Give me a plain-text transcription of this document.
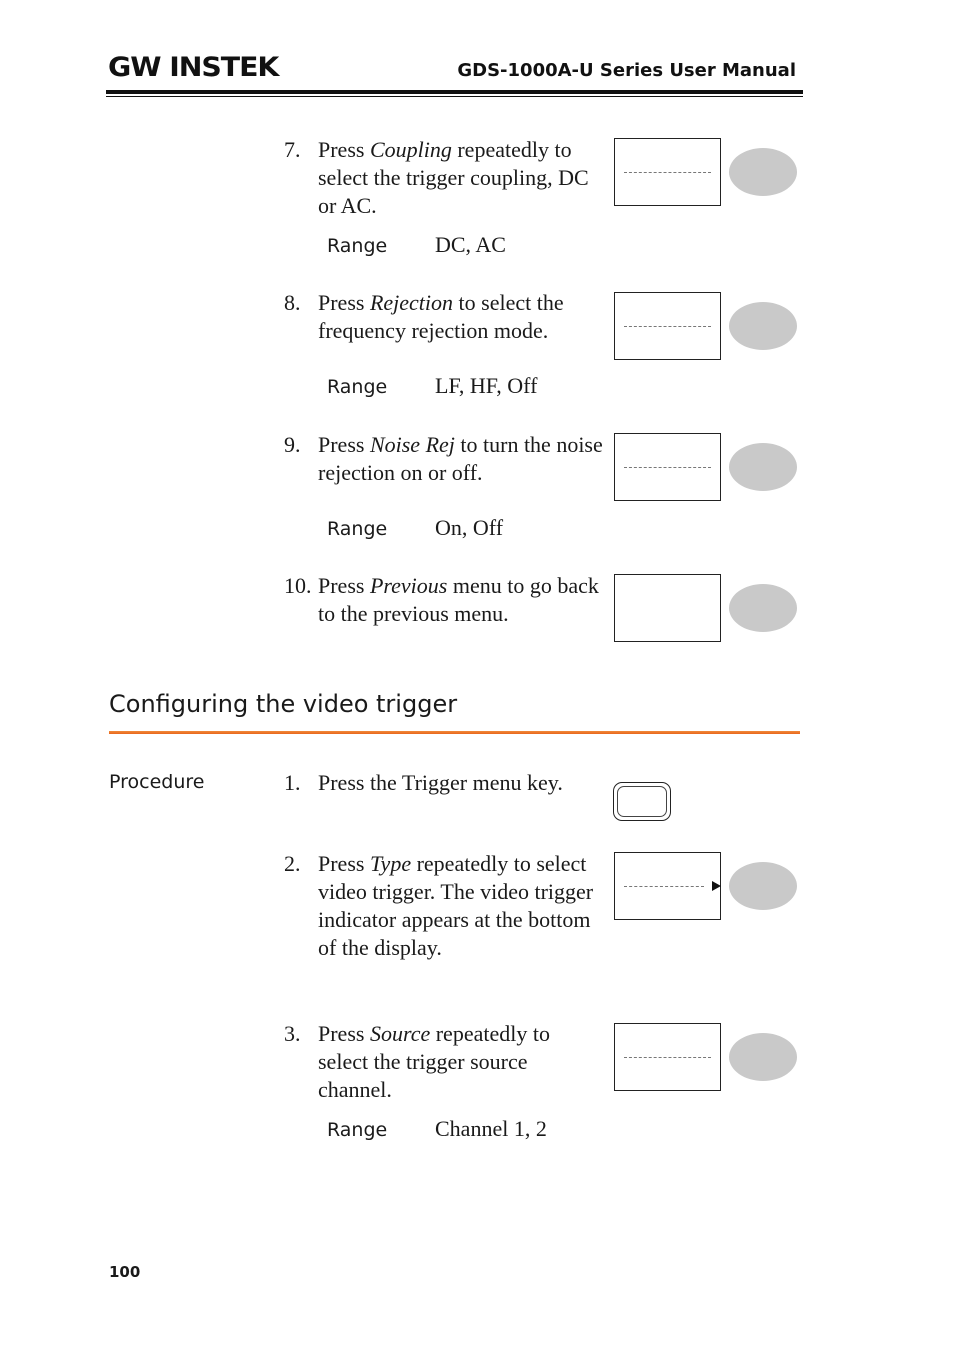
GW INSTEK	GDS-1000A-U Series User Manual
7. Press Coupling repeatedly to select the trigger coupling, DC or AC.
Range DC, AC
8. Press Rejection to select the frequency rejection mode.
Range LF, HF, Off
9. Press Noise Rej to turn the noise rejection on or off.
Range On, Off
10. Press Previous menu to go back to the previous menu.
Configuring the video trigger
Procedure	1. Press the Trigger menu key.
2. Press Type repeatedly to select video trigger. The video trigger indicator appears at the bottom of the display.
3. Press Source repeatedly to select the trigger source channel.
Range Channel 1, 2
100
